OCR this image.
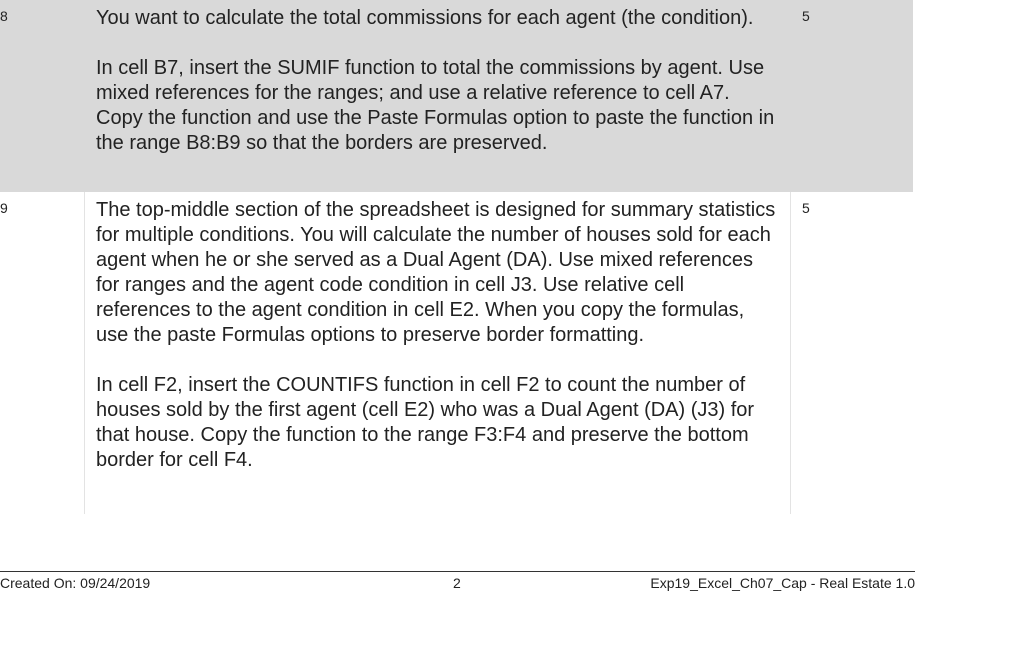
8	You want to calculate the total commissions for each agent (the condition).

In cell B7, insert the SUMIF function to total the commissions by agent. Use mixed references for the ranges; and use a relative reference to cell A7. Copy the function and use the Paste Formulas option to paste the function in the range B8:B9 so that the borders are preserved.

5
9	The top-middle section of the spreadsheet is designed for summary statistics for multiple conditions. You will calculate the number of houses sold for each agent when he or she served as a Dual Agent (DA). Use mixed references for ranges and the agent code condition in cell J3. Use relative cell references to the agent condition in cell E2. When you copy the formulas, use the paste Formulas options to preserve border formatting.

In cell F2, insert the COUNTIFS function in cell F2 to count the number of houses sold by the first agent (cell E2) who was a Dual Agent (DA) (J3) for that house. Copy the function to the range F3:F4 and preserve the bottom border for cell F4.

5
Created On: 09/24/2019	2	Exp19_Excel_Ch07_Cap - Real Estate 1.0
